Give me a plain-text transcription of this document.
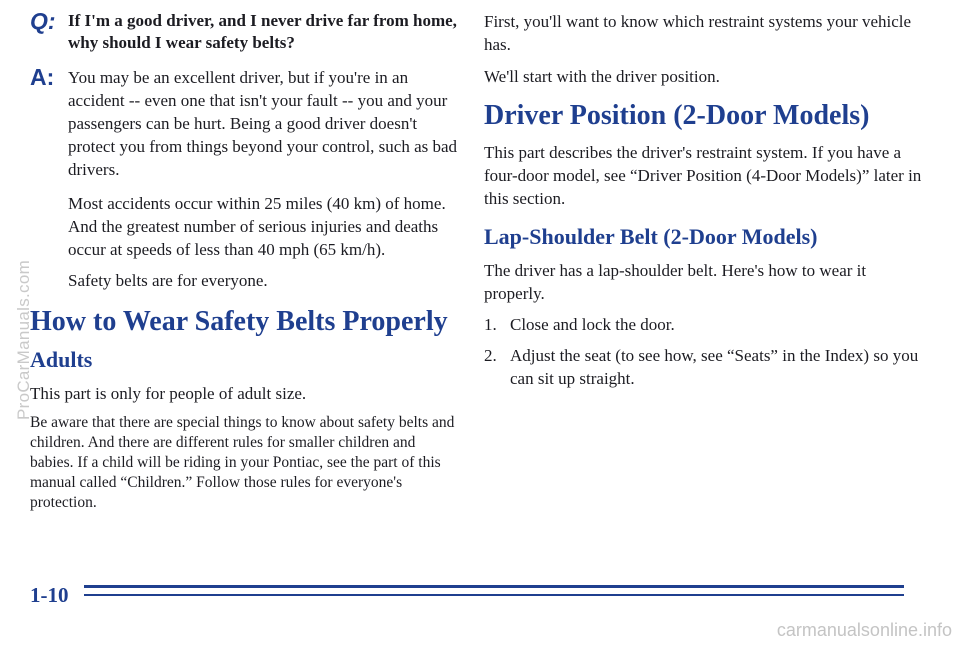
Q: If I'm a good driver, and I never drive far from home, why should I wear safety belts?
A: You may be an excellent driver, but if you're in an accident -- even one that isn't your fault -- you and your passengers can be hurt. Being a good driver doesn't protect you from things beyond your control, such as bad drivers.

Most accidents occur within 25 miles (40 km) of home. And the greatest number of serious injuries and deaths occur at speeds of less than 40 mph (65 km/h).

Safety belts are for everyone.

How to Wear Safety Belts Properly
Adults

This part is only for people of adult size.

Be aware that there are special things to know about safety belts and children. And there are different rules for smaller children and babies. If a child will be riding in your Pontiac, see the part of this manual called “Children.” Follow those rules for everyone's protection.

First, you'll want to know which restraint systems your vehicle has.

We'll start with the driver position.

Driver Position (2-Door Models)

This part describes the driver's restraint system. If you have a four-door model, see “Driver Position (4-Door Models)” later in this section.

Lap-Shoulder Belt (2-Door Models)

The driver has a lap-shoulder belt. Here's how to wear it properly.

1. Close and lock the door.
2. Adjust the seat (to see how, see “Seats” in the Index) so you can sit up straight.
1-10
ProCarManuals.com
carmanualsonline.info
